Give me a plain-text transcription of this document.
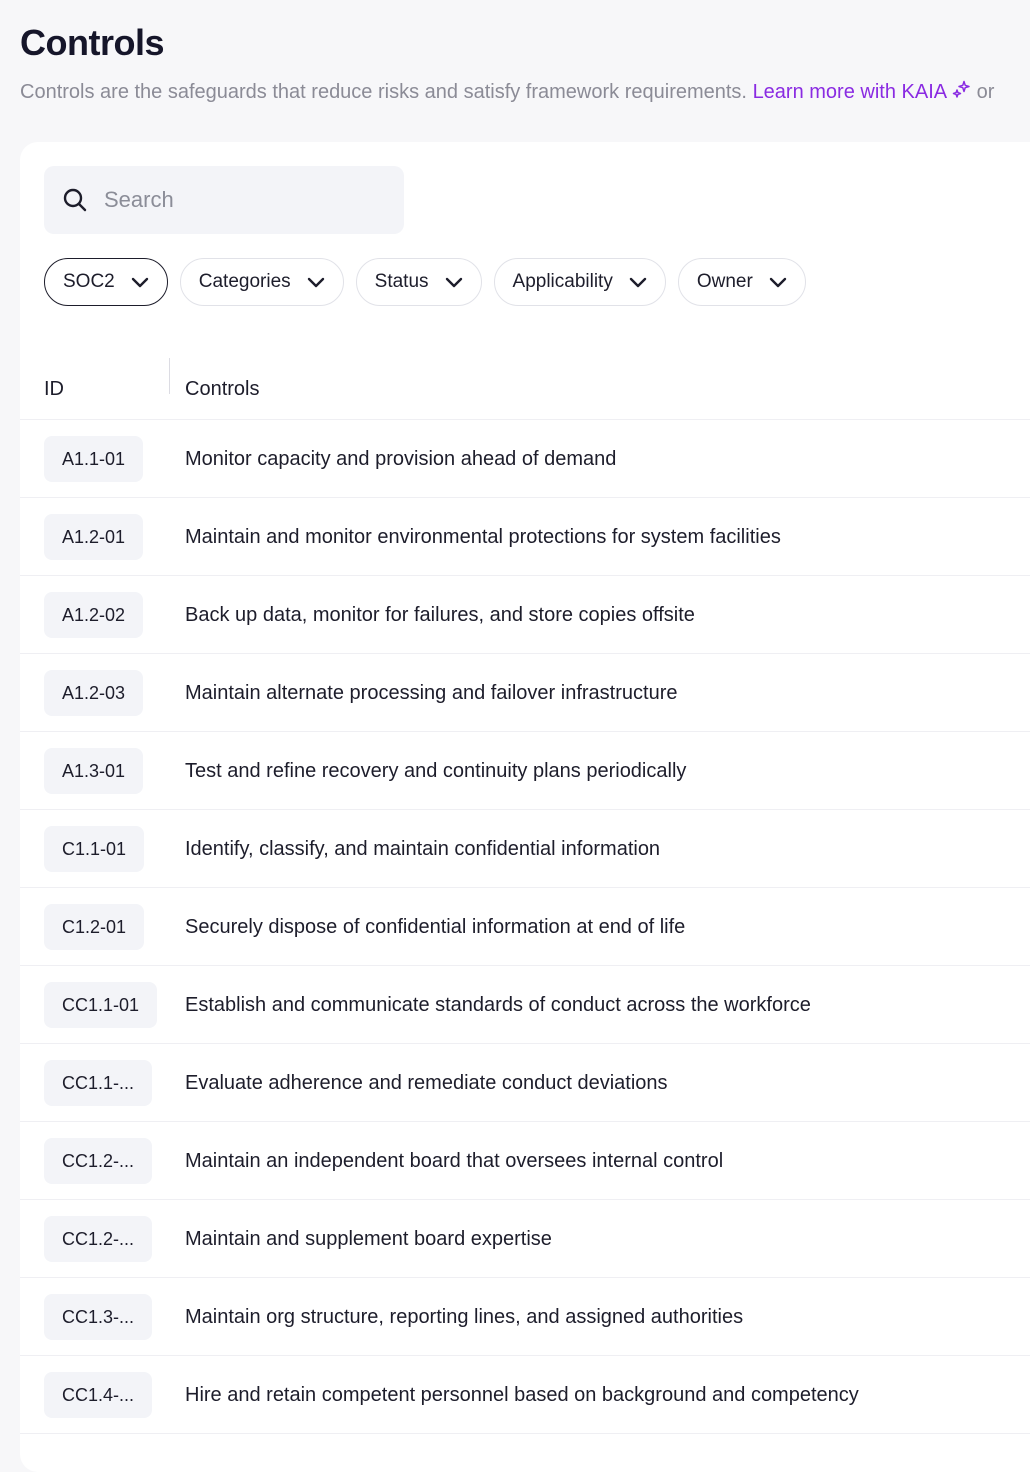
Controls
Controls are the safeguards that reduce risks and satisfy framework requirements. Learn more with KAIA or
Search
SOC2	Categories	Status	Applicability	Owner
ID	Controls
A1.1-01	Monitor capacity and provision ahead of demand
A1.2-01	Maintain and monitor environmental protections for system facilities
A1.2-02	Back up data, monitor for failures, and store copies offsite
A1.2-03	Maintain alternate processing and failover infrastructure
A1.3-01	Test and refine recovery and continuity plans periodically
C1.1-01	Identify, classify, and maintain confidential information
C1.2-01	Securely dispose of confidential information at end of life
CC1.1-01	Establish and communicate standards of conduct across the workforce
CC1.1-...	Evaluate adherence and remediate conduct deviations
CC1.2-...	Maintain an independent board that oversees internal control
CC1.2-...	Maintain and supplement board expertise
CC1.3-...	Maintain org structure, reporting lines, and assigned authorities
CC1.4-...	Hire and retain competent personnel based on background and competency
